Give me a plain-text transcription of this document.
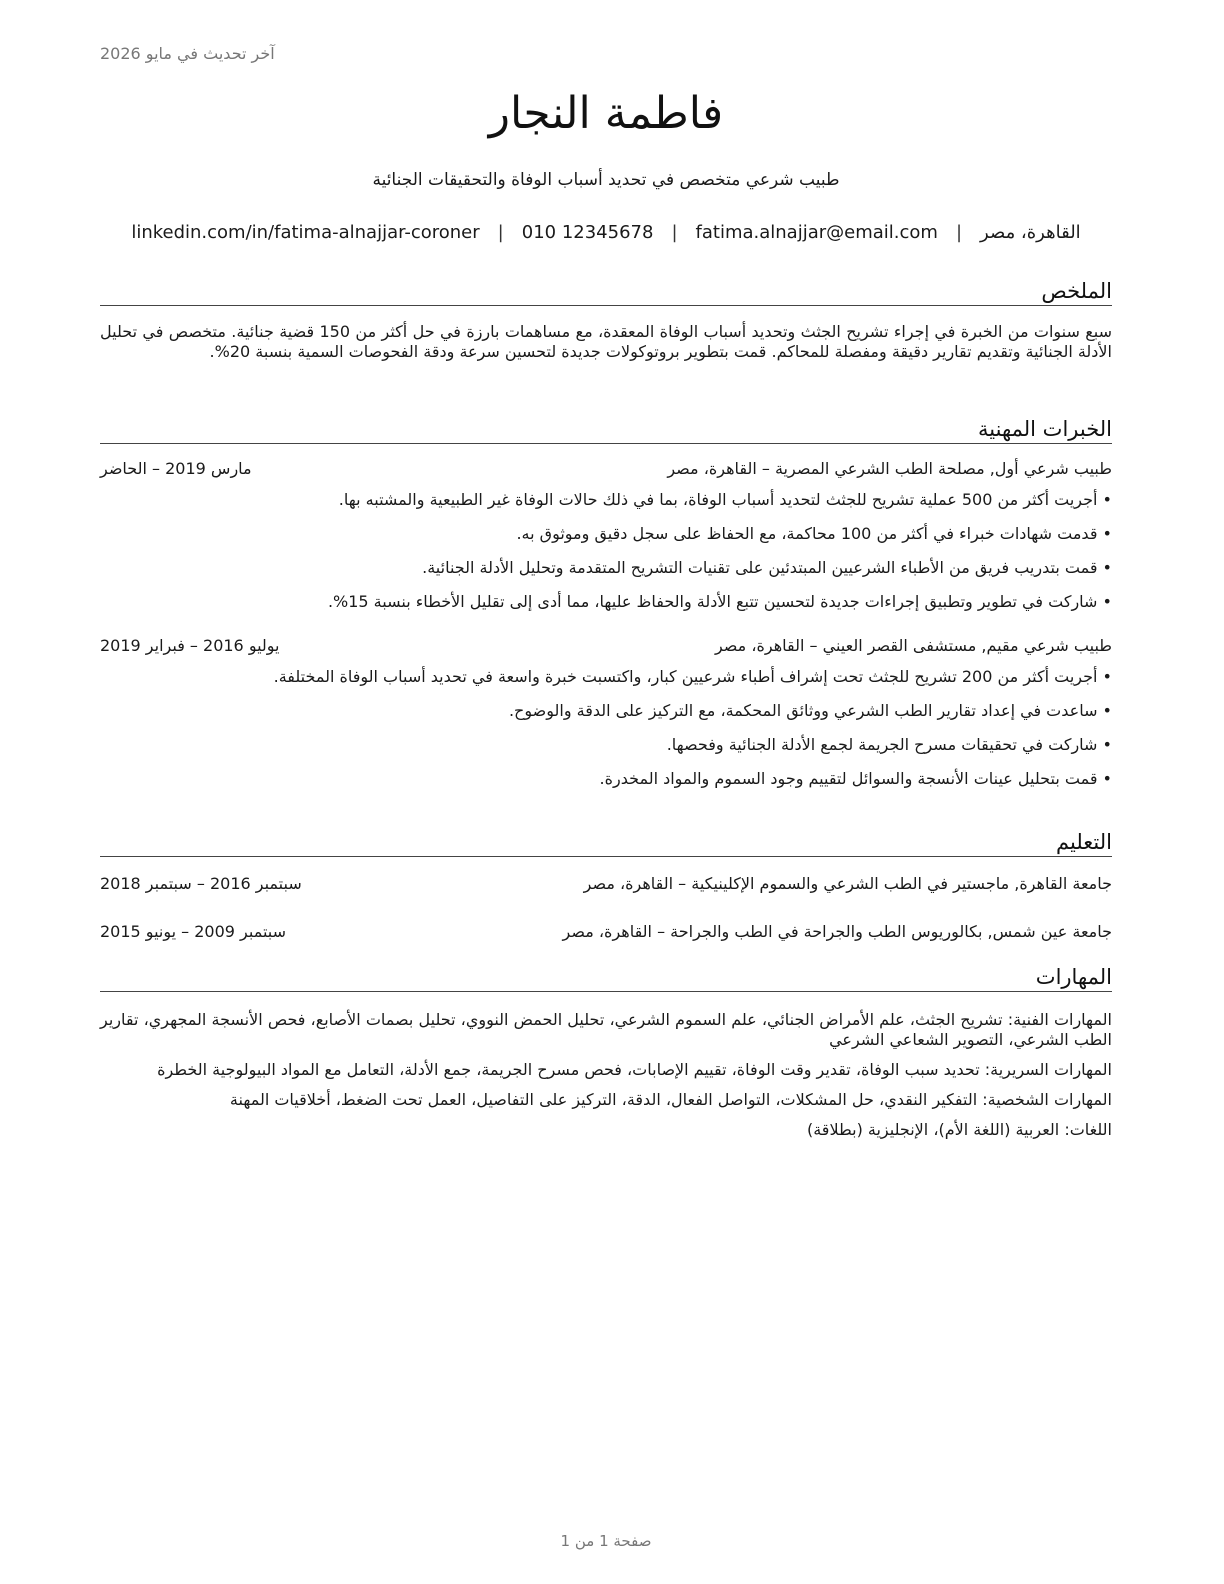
آخر تحديث في مايو 2026
فاطمة النجار
طبيب شرعي متخصص في تحديد أسباب الوفاة والتحقيقات الجنائية
القاهرة، مصر
|
fatima.alnajjar@email.com
|
010 12345678
|
linkedin.com/in/fatima-alnajjar-coroner
الملخص
سبع سنوات من الخبرة في إجراء تشريح الجثث وتحديد أسباب الوفاة المعقدة، مع مساهمات بارزة في حل أكثر من 150 قضية جنائية. متخصص في تحليل الأدلة الجنائية وتقديم تقارير دقيقة ومفصلة للمحاكم. قمت بتطوير بروتوكولات جديدة لتحسين سرعة ودقة الفحوصات السمية بنسبة 20%.
الخبرات المهنية
طبيب شرعي أول, مصلحة الطب الشرعي المصرية – القاهرة، مصر
مارس 2019 – الحاضر
• أجريت أكثر من 500 عملية تشريح للجثث لتحديد أسباب الوفاة، بما في ذلك حالات الوفاة غير الطبيعية والمشتبه بها.
• قدمت شهادات خبراء في أكثر من 100 محاكمة، مع الحفاظ على سجل دقيق وموثوق به.
• قمت بتدريب فريق من الأطباء الشرعيين المبتدئين على تقنيات التشريح المتقدمة وتحليل الأدلة الجنائية.
• شاركت في تطوير وتطبيق إجراءات جديدة لتحسين تتبع الأدلة والحفاظ عليها، مما أدى إلى تقليل الأخطاء بنسبة 15%.
طبيب شرعي مقيم, مستشفى القصر العيني – القاهرة، مصر
يوليو 2016 – فبراير 2019
• أجريت أكثر من 200 تشريح للجثث تحت إشراف أطباء شرعيين كبار، واكتسبت خبرة واسعة في تحديد أسباب الوفاة المختلفة.
• ساعدت في إعداد تقارير الطب الشرعي ووثائق المحكمة، مع التركيز على الدقة والوضوح.
• شاركت في تحقيقات مسرح الجريمة لجمع الأدلة الجنائية وفحصها.
• قمت بتحليل عينات الأنسجة والسوائل لتقييم وجود السموم والمواد المخدرة.
التعليم
جامعة القاهرة, ماجستير في الطب الشرعي والسموم الإكلينيكية – القاهرة، مصر
سبتمبر 2016 – سبتمبر 2018
جامعة عين شمس, بكالوريوس الطب والجراحة في الطب والجراحة – القاهرة، مصر
سبتمبر 2009 – يونيو 2015
المهارات
المهارات الفنية: تشريح الجثث، علم الأمراض الجنائي، علم السموم الشرعي، تحليل الحمض النووي، تحليل بصمات الأصابع، فحص الأنسجة المجهري، تقارير الطب الشرعي، التصوير الشعاعي الشرعي
المهارات السريرية: تحديد سبب الوفاة، تقدير وقت الوفاة، تقييم الإصابات، فحص مسرح الجريمة، جمع الأدلة، التعامل مع المواد البيولوجية الخطرة
المهارات الشخصية: التفكير النقدي، حل المشكلات، التواصل الفعال، الدقة، التركيز على التفاصيل، العمل تحت الضغط، أخلاقيات المهنة
اللغات: العربية (اللغة الأم)، الإنجليزية (بطلاقة)
صفحة 1 من 1
